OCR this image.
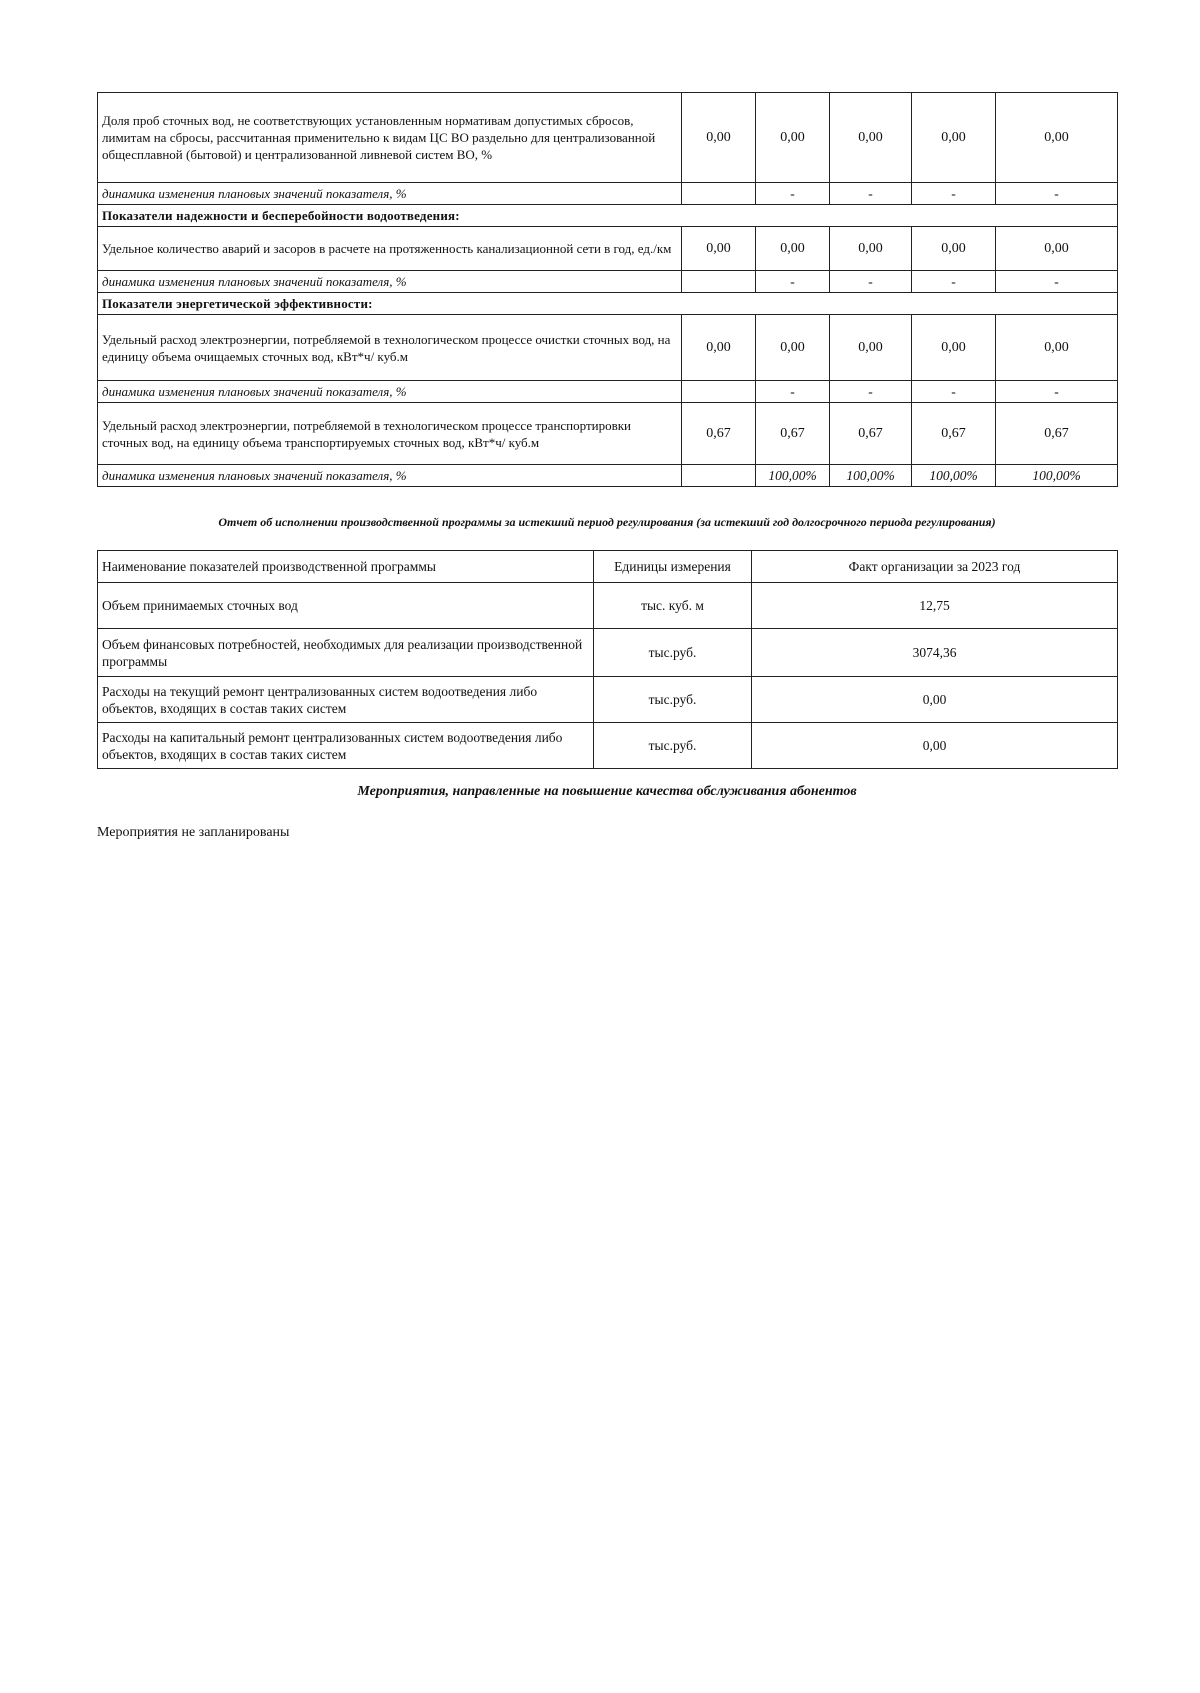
Доля проб сточных вод, не соответствующих установленным нормативам допустимых сбросов, лимитам на сбросы, рассчитанная применительно к видам ЦС ВО раздельно для централизованной общесплавной (бытовой) и централизованной ливневой систем ВО, %	0,00	0,00	0,00	0,00	0,00
динамика изменения плановых значений показателя, %		-	-	-	-
Показатели надежности и бесперебойности водоотведения:					
Удельное количество аварий и засоров в расчете на протяженность канализационной сети в год, ед./км	0,00	0,00	0,00	0,00	0,00
динамика изменения плановых значений показателя, %		-	-	-	-
Показатели энергетической эффективности:					
Удельный расход электроэнергии, потребляемой в технологическом процессе очистки сточных вод, на единицу объема очищаемых сточных вод, кВт*ч/ куб.м	0,00	0,00	0,00	0,00	0,00
динамика изменения плановых значений показателя, %		-	-	-	-
Удельный расход электроэнергии, потребляемой в технологическом процессе транспортировки сточных вод, на единицу объема транспортируемых сточных вод, кВт*ч/ куб.м	0,67	0,67	0,67	0,67	0,67
динамика изменения плановых значений показателя, %		100,00%	100,00%	100,00%	100,00%
Отчет об исполнении производственной программы за истекший период регулирования (за истекший год долгосрочного периода регулирования)
Наименование показателей производственной программы	Единицы измерения	Факт организации за 2023 год
Объем принимаемых сточных вод	тыс. куб. м	12,75
Объем финансовых потребностей, необходимых для реализации производственной программы	тыс.руб.	3074,36
Расходы на текущий ремонт централизованных систем водоотведения либо объектов, входящих в состав таких систем	тыс.руб.	0,00
Расходы на капитальный ремонт централизованных систем водоотведения либо объектов, входящих в состав таких систем	тыс.руб.	0,00
Мероприятия, направленные на повышение качества обслуживания абонентов
Мероприятия не запланированы
